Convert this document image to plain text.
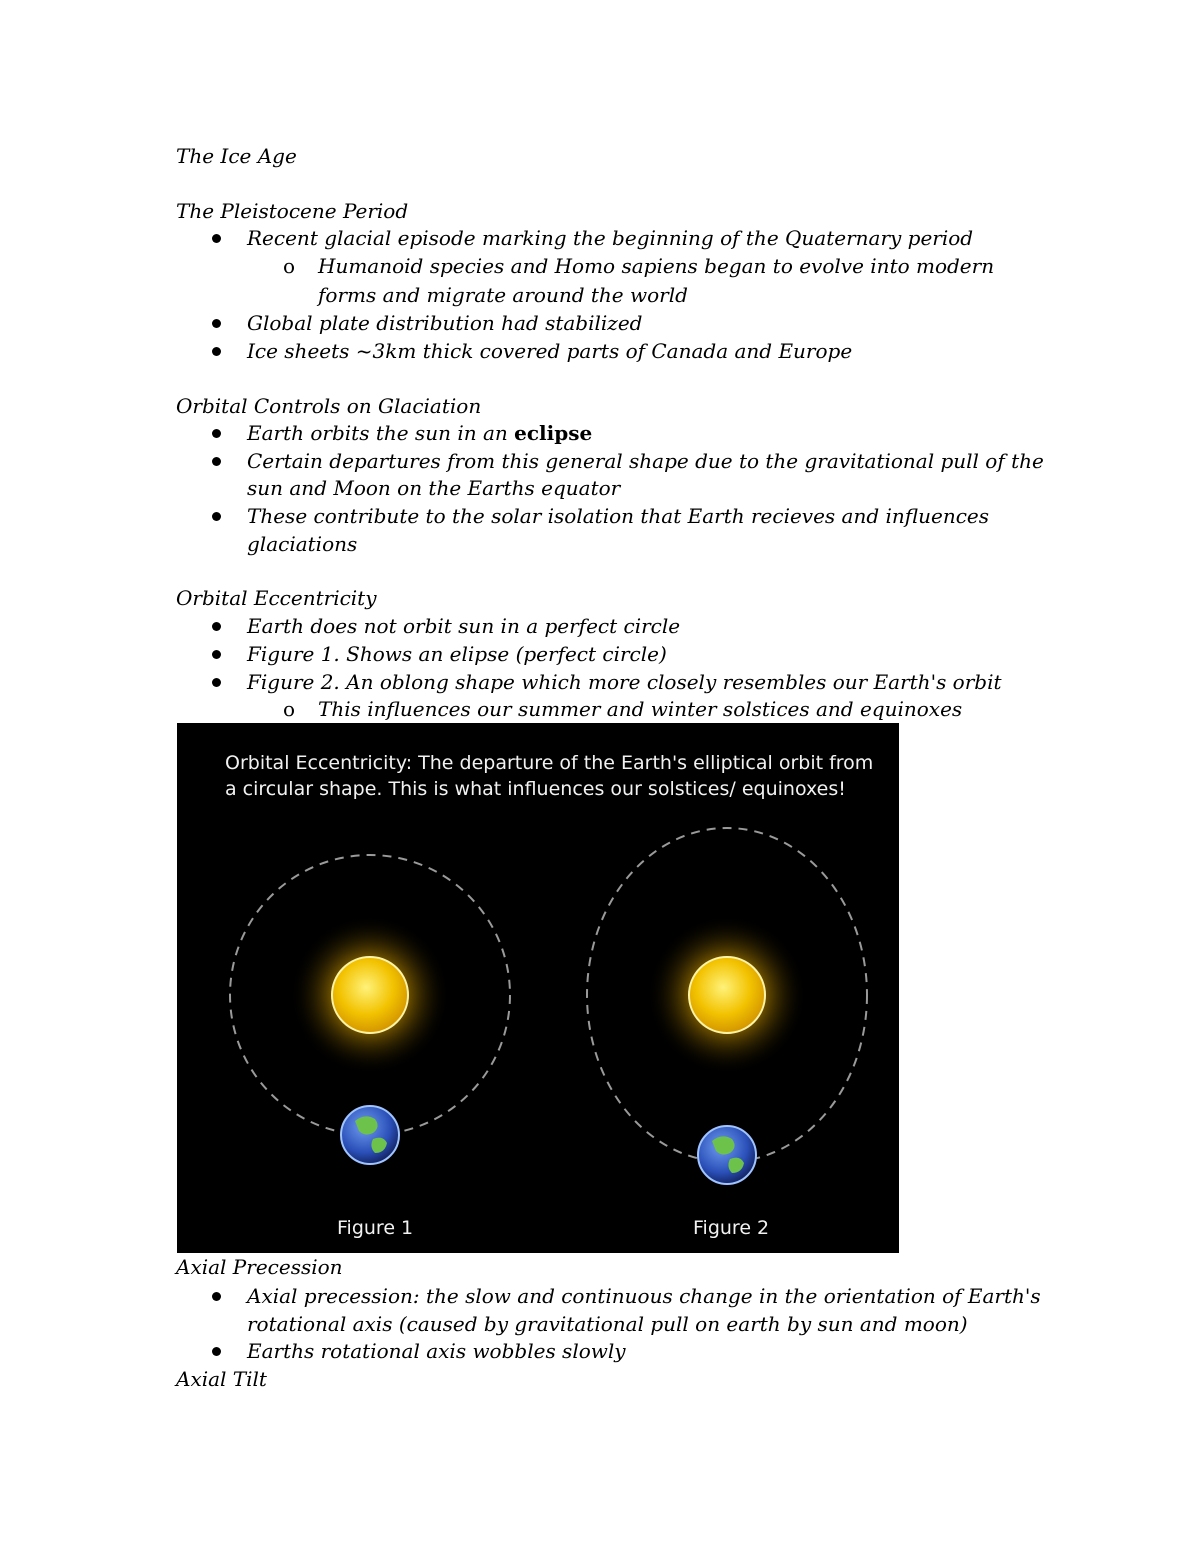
The Ice Age
The Pleistocene Period
Recent glacial episode marking the beginning of the Quaternary period
o Humanoid species and Homo sapiens began to evolve into modern
forms and migrate around the world
Global plate distribution had stabilized
Ice sheets ~3km thick covered parts of Canada and Europe
Orbital Controls on Glaciation
Earth orbits the sun in an eclipse
Certain departures from this general shape due to the gravitational pull of the
sun and Moon on the Earths equator
These contribute to the solar isolation that Earth recieves and influences
glaciations
Orbital Eccentricity
Earth does not orbit sun in a perfect circle
Figure 1. Shows an elipse (perfect circle)
Figure 2. An oblong shape which more closely resembles our Earth's orbit
o This influences our summer and winter solstices and equinoxes
Orbital Eccentricity: The departure of the Earth's elliptical orbit from a circular shape. This is what influences our solstices/ equinoxes!
Figure 1	Figure 2
Axial Precession
Axial precession: the slow and continuous change in the orientation of Earth's
rotational axis (caused by gravitational pull on earth by sun and moon)
Earths rotational axis wobbles slowly
Axial Tilt
